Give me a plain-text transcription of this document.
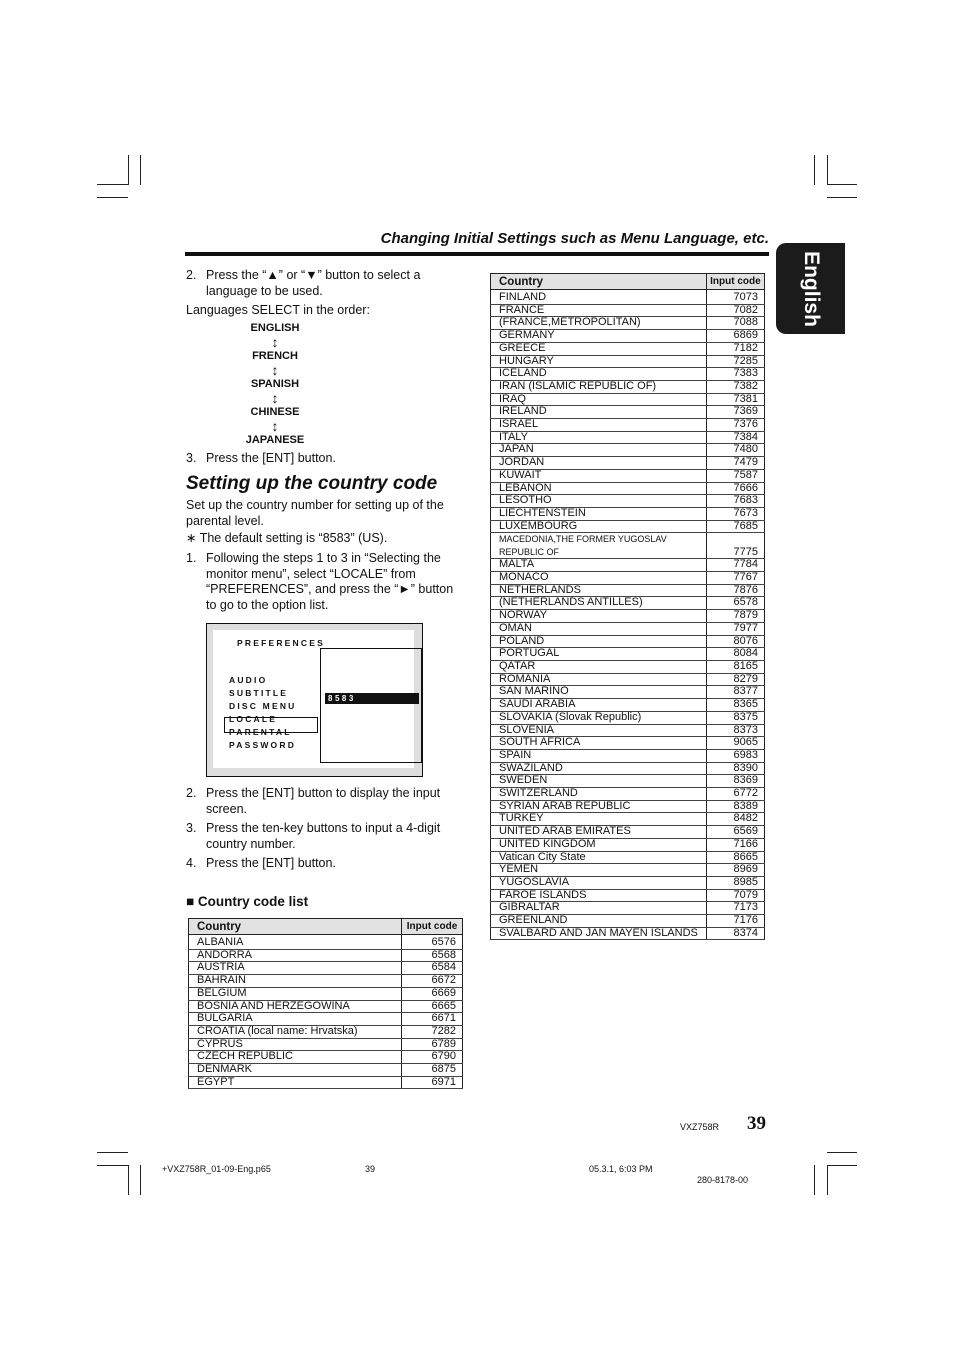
English
Changing Initial Settings such as Menu Language, etc.
2. Press the “▲” or “▼” button to select a language to be used.
Languages SELECT in the order:
ENGLISH
↕
FRENCH
↕
SPANISH
↕
CHINESE
↕
JAPANESE
3. Press the [ENT] button.
Setting up the country code
Set up the country number for setting up of the parental level.
∗ The default setting is “8583” (US).
1. Following the steps 1 to 3 in “Selecting the monitor menu”, select “LOCALE” from “PREFERENCES”, and press the “►” button to go to the option list.
PREFERENCES
8583
AUDIO
SUBTITLE
DISC MENU
LOCALE
PARENTAL
PASSWORD
2. Press the [ENT] button to display the input screen.
3. Press the ten-key buttons to input a 4-digit country number.
4. Press the [ENT] button.
■ Country code list
Country	Input code
ALBANIA	6576
ANDORRA	6568
AUSTRIA	6584
BAHRAIN	6672
BELGIUM	6669
BOSNIA AND HERZEGOWINA	6665
BULGARIA	6671
CROATIA (local name: Hrvatska)	7282
CYPRUS	6789
CZECH REPUBLIC	6790
DENMARK	6875
EGYPT	6971
Country	Input code
FINLAND	7073
FRANCE	7082
(FRANCE,METROPOLITAN)	7088
GERMANY	6869
GREECE	7182
HUNGARY	7285
ICELAND	7383
IRAN (ISLAMIC REPUBLIC OF)	7382
IRAQ	7381
IRELAND	7369
ISRAEL	7376
ITALY	7384
JAPAN	7480
JORDAN	7479
KUWAIT	7587
LEBANON	7666
LESOTHO	7683
LIECHTENSTEIN	7673
LUXEMBOURG	7685
MACEDONIA,THE FORMER YUGOSLAV REPUBLIC OF	7775
MALTA	7784
MONACO	7767
NETHERLANDS	7876
(NETHERLANDS ANTILLES)	6578
NORWAY	7879
OMAN	7977
POLAND	8076
PORTUGAL	8084
QATAR	8165
ROMANIA	8279
SAN MARINO	8377
SAUDI ARABIA	8365
SLOVAKIA (Slovak Republic)	8375
SLOVENIA	8373
SOUTH AFRICA	9065
SPAIN	6983
SWAZILAND	8390
SWEDEN	8369
SWITZERLAND	6772
SYRIAN ARAB REPUBLIC	8389
TURKEY	8482
UNITED ARAB EMIRATES	6569
UNITED KINGDOM	7166
Vatican City State	8665
YEMEN	8969
YUGOSLAVIA	8985
FAROE ISLANDS	7079
GIBRALTAR	7173
GREENLAND	7176
SVALBARD AND JAN MAYEN ISLANDS	8374
VXZ758R 39
+VXZ758R_01-09-Eng.p65	39	05.3.1, 6:03 PM
280-8178-00
